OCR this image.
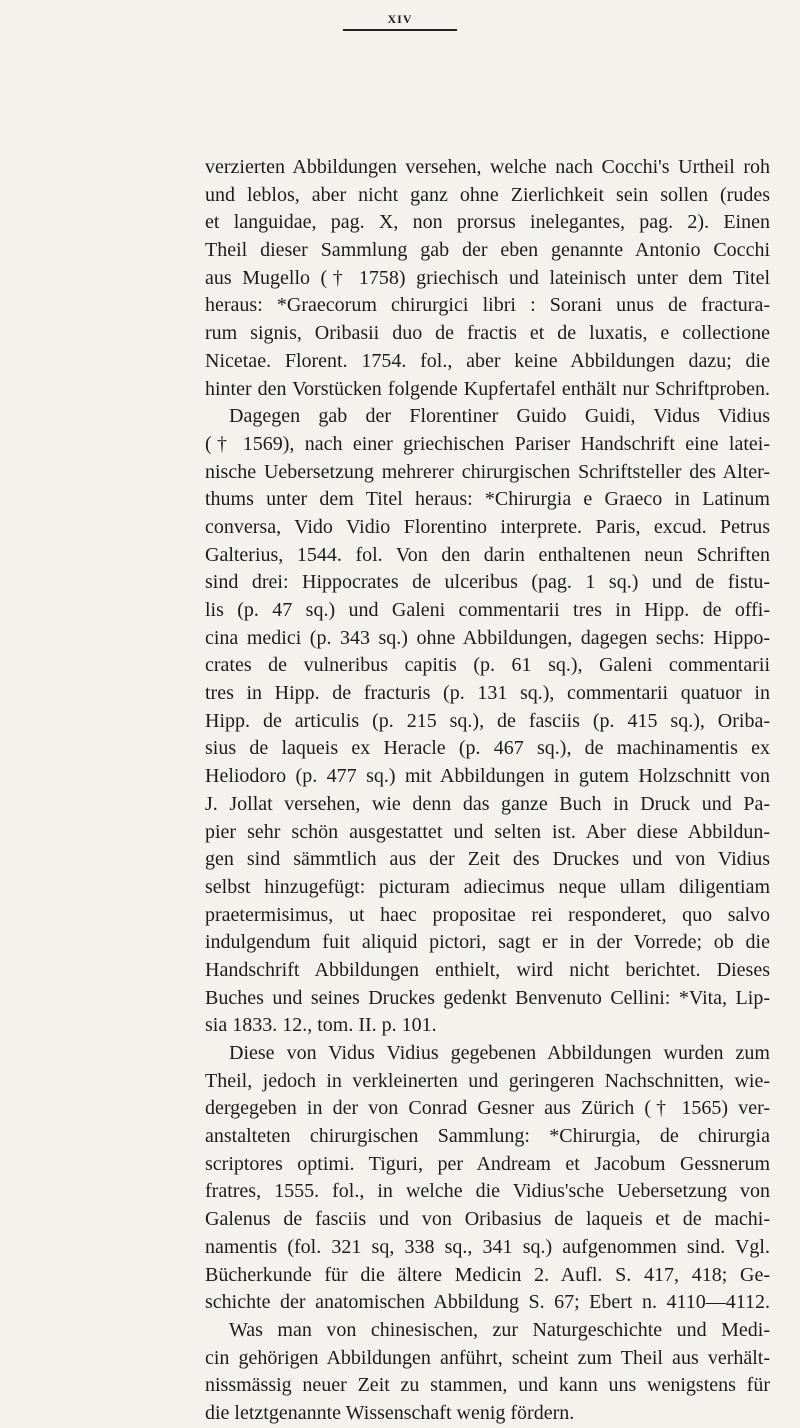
XIV
verzierten Abbildungen versehen, welche nach Cocchi's Urtheil roh
und leblos, aber nicht ganz ohne Zierlichkeit sein sollen (rudes
et languidae, pag. X, non prorsus inelegantes, pag. 2). Einen
Theil dieser Sammlung gab der eben genannte Antonio Cocchi
aus Mugello († 1758) griechisch und lateinisch unter dem Titel
heraus: *Graecorum chirurgici libri : Sorani unus de fractura-
rum signis, Oribasii duo de fractis et de luxatis, e collectione
Nicetae. Florent. 1754. fol., aber keine Abbildungen dazu; die
hinter den Vorstücken folgende Kupfertafel enthält nur Schriftproben.
Dagegen gab der Florentiner Guido Guidi, Vidus Vidius
(† 1569), nach einer griechischen Pariser Handschrift eine latei-
nische Uebersetzung mehrerer chirurgischen Schriftsteller des Alter-
thums unter dem Titel heraus: *Chirurgia e Graeco in Latinum
conversa, Vido Vidio Florentino interprete. Paris, excud. Petrus
Galterius, 1544. fol. Von den darin enthaltenen neun Schriften
sind drei: Hippocrates de ulceribus (pag. 1 sq.) und de fistu-
lis (p. 47 sq.) und Galeni commentarii tres in Hipp. de offi-
cina medici (p. 343 sq.) ohne Abbildungen, dagegen sechs: Hippo-
crates de vulneribus capitis (p. 61 sq.), Galeni commentarii
tres in Hipp. de fracturis (p. 131 sq.), commentarii quatuor in
Hipp. de articulis (p. 215 sq.), de fasciis (p. 415 sq.), Oriba-
sius de laqueis ex Heracle (p. 467 sq.), de machinamentis ex
Heliodoro (p. 477 sq.) mit Abbildungen in gutem Holzschnitt von
J. Jollat versehen, wie denn das ganze Buch in Druck und Pa-
pier sehr schön ausgestattet und selten ist. Aber diese Abbildun-
gen sind sämmtlich aus der Zeit des Druckes und von Vidius
selbst hinzugefügt: picturam adiecimus neque ullam diligentiam
praetermisimus, ut haec propositae rei responderet, quo salvo
indulgendum fuit aliquid pictori, sagt er in der Vorrede; ob die
Handschrift Abbildungen enthielt, wird nicht berichtet. Dieses
Buches und seines Druckes gedenkt Benvenuto Cellini: *Vita, Lip-
sia 1833. 12., tom. II. p. 101.
Diese von Vidus Vidius gegebenen Abbildungen wurden zum
Theil, jedoch in verkleinerten und geringeren Nachschnitten, wie-
dergegeben in der von Conrad Gesner aus Zürich († 1565) ver-
anstalteten chirurgischen Sammlung: *Chirurgia, de chirurgia
scriptores optimi. Tiguri, per Andream et Jacobum Gessnerum
fratres, 1555. fol., in welche die Vidius'sche Uebersetzung von
Galenus de fasciis und von Oribasius de laqueis et de machi-
namentis (fol. 321 sq, 338 sq., 341 sq.) aufgenommen sind. Vgl.
Bücherkunde für die ältere Medicin 2. Aufl. S. 417, 418; Ge-
schichte der anatomischen Abbildung S. 67; Ebert n. 4110—4112.
Was man von chinesischen, zur Naturgeschichte und Medi-
cin gehörigen Abbildungen anführt, scheint zum Theil aus verhält-
nissmässig neuer Zeit zu stammen, und kann uns wenigstens für
die letztgenannte Wissenschaft wenig fördern.
